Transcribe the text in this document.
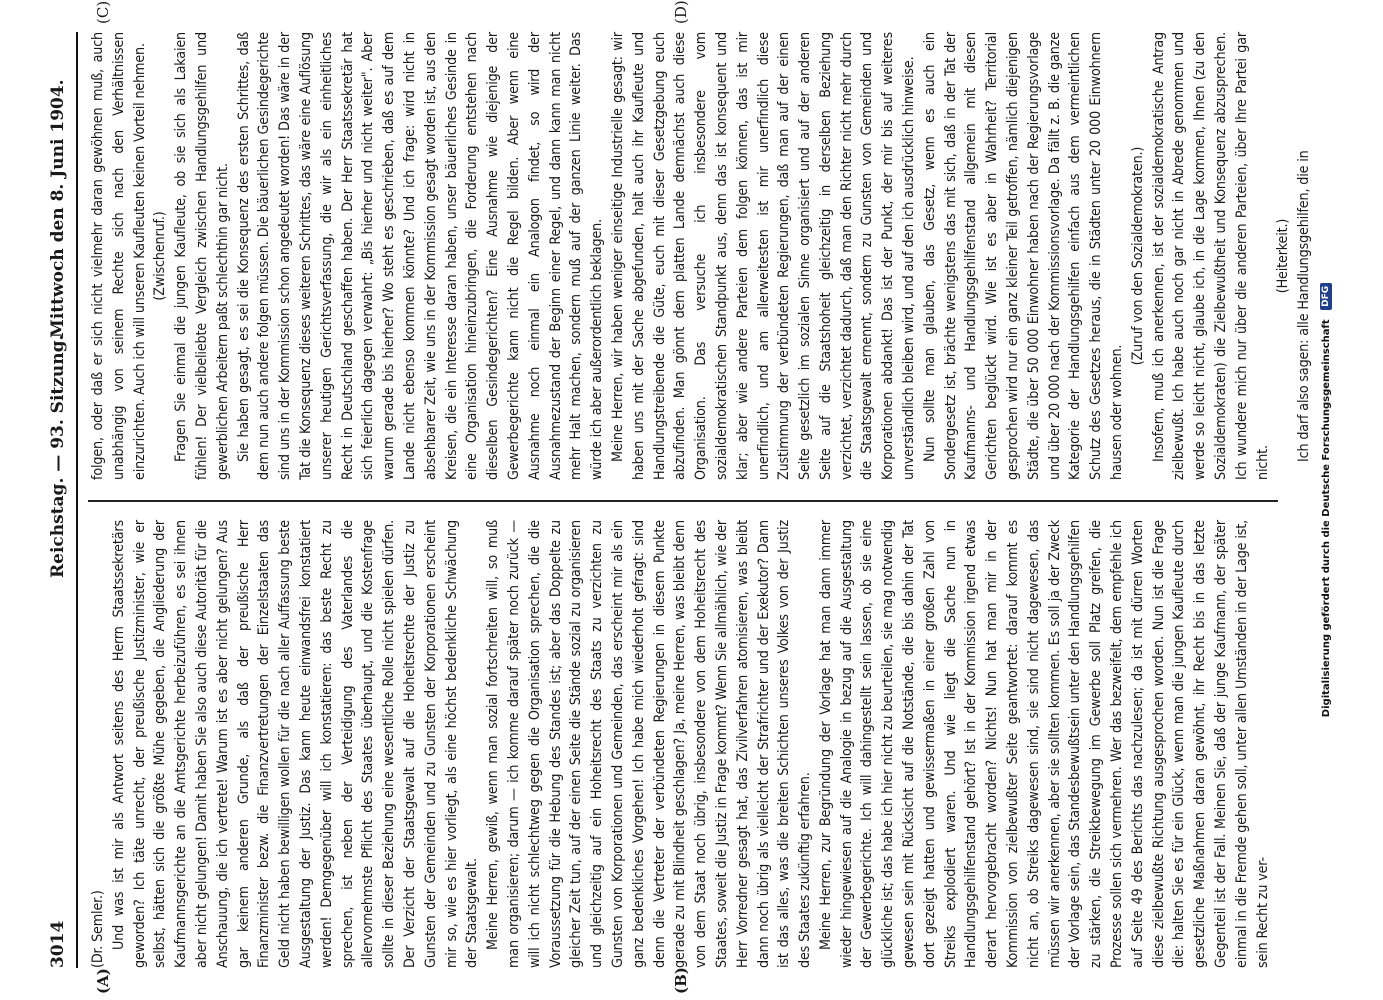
3014
Reichstag. — 93. Sitzung.
Mittwoch den 8. Juni 1904.
(A)	(B)
(C)	(D)

(Dr. Semler.) Und was ist mir als Antwort seitens des Herrn Staatssekretärs geworden? Ich täte unrecht, der preußische Justizminister, wie er selbst, hätten sich die größte Mühe gegeben, die Angliederung der Kaufmannsgerichte an die Amtsgerichte herbeizuführen, es sei ihnen aber nicht gelungen! Damit haben Sie also auch diese Autorität für die Anschauung, die ich vertrete! Warum ist es aber nicht gelungen? Aus gar keinem anderen Grunde, als daß der preußische Herr Finanzminister bezw. die Finanzvertretungen der Einzelstaaten das Geld nicht haben bewilligen wollen für die nach aller Auffassung beste Ausgestaltung der Justiz. Das kann heute einwandsfrei konstatiert werden! Demgegenüber will ich konstatieren: das beste Recht zu sprechen, ist neben der Verteidigung des Vaterlandes die allervornehmste Pflicht des Staates überhaupt, und die Kostenfrage sollte in dieser Beziehung eine wesentliche Rolle nicht spielen dürfen. Der Verzicht der Staatsgewalt auf die Hoheitsrechte der Justiz zu Gunsten der Gemeinden und zu Gunsten der Korporationen erscheint mir so, wie es hier vorliegt, als eine höchst bedenkliche Schwächung der Staatsgewalt. Meine Herren, gewiß, wenn man sozial fortschreiten will, so muß man organisieren; darum — ich komme darauf später noch zurück — will ich nicht schlechtweg gegen die Organisation sprechen, die die Voraussetzung für die Hebung des Standes ist; aber das Doppelte zu gleicher Zeit tun, auf der einen Seite die Stände sozial zu organisieren und gleichzeitig auf ein Hoheitsrecht des Staats zu verzichten zu Gunsten von Korporationen und Gemeinden, das erscheint mir als ein ganz bedenkliches Vorgehen! Ich habe mich wiederholt gefragt: sind denn die Vertreter der verbündeten Regierungen in diesem Punkte gerade zu mit Blindheit geschlagen? Ja, meine Herren, was bleibt denn von dem Staat noch übrig, insbesondere von dem Hoheitsrecht des Staates, soweit die Justiz in Frage kommt? Wenn Sie allmählich, wie der Herr Vorredner gesagt hat, das Zivilverfahren atomisieren, was bleibt dann noch übrig als vielleicht der Strafrichter und der Exekutor? Dann ist das alles, was die breiten Schichten unseres Volkes von der Justiz des Staates zukünftig erfahren. Meine Herren, zur Begründung der Vorlage hat man dann immer wieder hingewiesen auf die Analogie in bezug auf die Ausgestaltung der Gewerbegerichte. Ich will dahingestellt sein lassen, ob sie eine glückliche ist; das habe ich hier nicht zu beurteilen, sie mag notwendig gewesen sein mit Rücksicht auf die Notstände, die bis dahin der Tat dort gezeigt hatten und gewissermaßen in einer großen Zahl von Streiks explodiert waren. Und wie liegt die Sache nun in Handlungsgehilfenstand gehört? Ist in der Kommission irgend etwas derart hervorgebracht worden? Nichts! Nun hat man mir in der Kommission von zielbewußter Seite geantwortet: darauf kommt es nicht an, ob Streiks dagewesen sind, sie sind nicht dagewesen, das müssen wir anerkennen, aber sie sollten kommen. Es soll ja der Zweck der Vorlage sein, das Standesbewußtsein unter den Handlungsgehilfen zu stärken, die Streikbewegung im Gewerbe soll Platz greifen, die Prozesse sollen sich vermehren. Wer das bezweifelt, dem empfehle ich auf Seite 49 des Berichts das nachzulesen; da ist mit dürren Worten diese zielbewußte Richtung ausgesprochen worden. Nun ist die Frage die: halten Sie es für ein Glück, wenn man die jungen Kaufleute durch gesetzliche Maßnahmen daran gewöhnt, ihr Recht bis in das letzte Gegenteil ist der Fall. Meinen Sie, daß der junge Kaufmann, der später einmal in die Fremde gehen soll, unter allen Umständen in der Lage ist, sein Recht zu ver-

folgen, oder daß er sich nicht vielmehr daran gewöhnen muß, auch unabhängig von seinem Rechte sich nach den Verhältnissen einzurichten. Auch ich will unseren Kaufleuten keinen Vorteil nehmen. (Zwischenruf.) Fragen Sie einmal die jungen Kaufleute, ob sie sich als Lakaien fühlen! Der vielbeliebte Vergleich zwischen Handlungsgehilfen und gewerblichen Arbeitern paßt schlechthin gar nicht. Sie haben gesagt, es sei die Konsequenz des ersten Schrittes, daß dem nun auch andere folgen müssen. Die bäuerlichen Gesindegerichte sind uns in der Kommission schon angedeutet worden! Das wäre in der Tat die Konsequenz dieses weiteren Schrittes, das wäre eine Auflösung unserer heutigen Gerichtsverfassung, die wir als ein einheitliches Recht in Deutschland geschaffen haben. Der Herr Staatssekretär hat sich feierlich dagegen verwahrt: „Bis hierher und nicht weiter". Aber warum gerade bis hierher? Wo steht es geschrieben, daß es auf dem Lande nicht ebenso kommen könnte? Und ich frage: wird nicht in absehbarer Zeit, wie uns in der Kommission gesagt worden ist, aus den Kreisen, die ein Interesse daran haben, unser bäuerliches Gesinde in eine Organisation hineinzubringen, die Forderung entstehen nach dieselben Gesindegerichten? Eine Ausnahme wie diejenige der Gewerbegerichte kann nicht die Regel bilden. Aber wenn eine Ausnahme noch einmal ein Analogon findet, so wird der Ausnahmezustand der Beginn einer Regel, und dann kann man nicht mehr Halt machen, sondern muß auf der ganzen Linie weiter. Das würde ich aber außerordentlich beklagen. Meine Herren, wir haben weniger einseitige Industrielle gesagt: wir haben uns mit der Sache abgefunden, halt auch ihr Kaufleute und Handlungstreibende die Güte, euch mit dieser Gesetzgebung euch abzufinden. Man gönnt dem platten Lande demnächst auch diese Organisation. Das versuche ich insbesondere vom sozialdemokratischen Standpunkt aus, denn das ist konsequent und klar; aber wie andere Parteien dem folgen können, das ist mir unerfindlich, und am allerweitesten ist mir unerfindlich diese Zustimmung der verbündeten Regierungen, daß man auf der einen Seite gesetzlich im sozialen Sinne organisiert und auf der anderen Seite auf die Staatshoheit gleichzeitig in derselben Beziehung verzichtet, verzichtet dadurch, daß man den Richter nicht mehr durch die Staatsgewalt ernennt, sondern zu Gunsten von Gemeinden und Korporationen abdankt! Das ist der Punkt, der mir bis auf weiteres unverständlich bleiben wird, und auf den ich ausdrücklich hinweise. Nun sollte man glauben, das Gesetz, wenn es auch ein Sondergesetz ist, brächte wenigstens das mit sich, daß in der Tat der Kaufmanns- und Handlungsgehilfenstand allgemein mit diesen Gerichten beglückt wird. Wie ist es aber in Wahrheit? Territorial gesprochen wird nur ein ganz kleiner Teil getroffen, nämlich diejenigen Städte, die über 50 000 Einwohner haben nach der Regierungsvorlage und über 20 000 nach der Kommissionsvorlage. Da fällt z. B. die ganze Kategorie der Handlungsgehilfen einfach aus dem vermeintlichen Schutz des Gesetzes heraus, die in Städten unter 20 000 Einwohnern hausen oder wohnen.

(Zuruf von den Sozialdemokraten.) Insofern, muß ich anerkennen, ist der sozialdemokratische Antrag zielbewußt. Ich habe auch noch gar nicht in Abrede genommen und werde so leicht nicht, glaube ich, in die Lage kommen, Ihnen (zu den Sozialdemokraten) die Zielbewußtheit und Konsequenz abzusprechen. Ich wundere mich nur über die anderen Parteien, über Ihre Partei gar nicht.

(Heiterkeit.) Ich darf also sagen: alle Handlungsgehilfen, die in

Digitalisierung gefördert durch die Deutsche Forschungsgemeinschaft DFG
